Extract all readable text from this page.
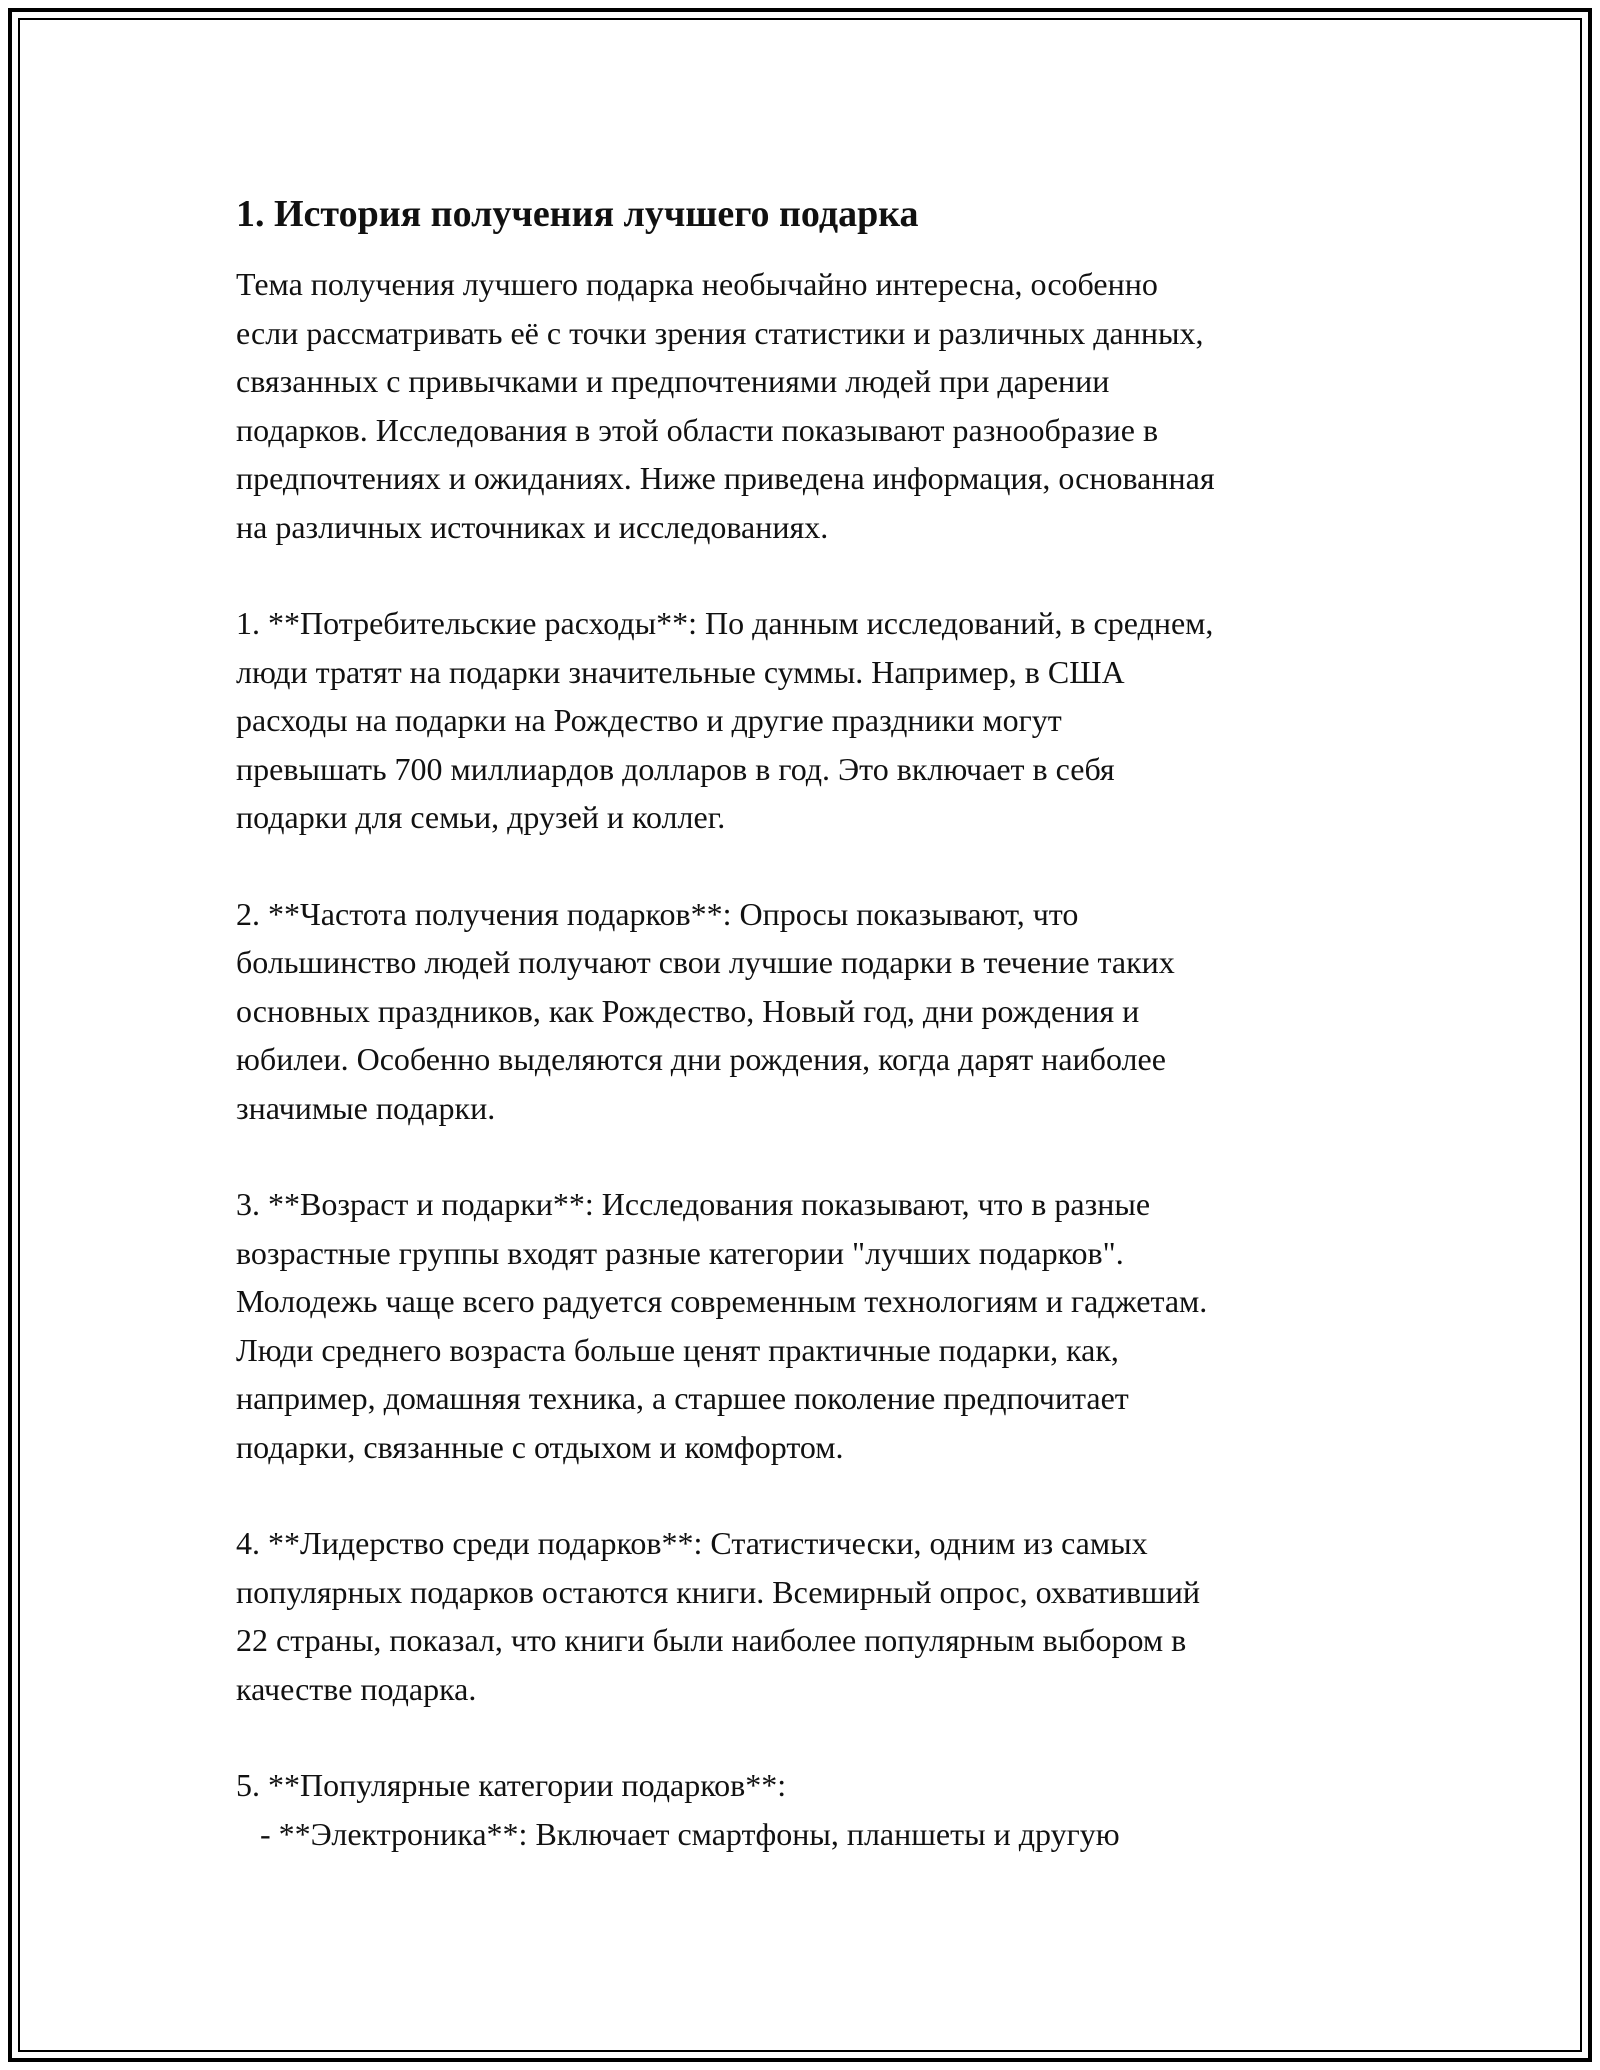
1. История получения лучшего подарка
Тема получения лучшего подарка необычайно интересна, особенно
если рассматривать её с точки зрения статистики и различных данных,
связанных с привычками и предпочтениями людей при дарении
подарков. Исследования в этой области показывают разнообразие в
предпочтениях и ожиданиях. Ниже приведена информация, основанная
на различных источниках и исследованиях.
1. **Потребительские расходы**: По данным исследований, в среднем,
люди тратят на подарки значительные суммы. Например, в США
расходы на подарки на Рождество и другие праздники могут
превышать 700 миллиардов долларов в год. Это включает в себя
подарки для семьи, друзей и коллег.
2. **Частота получения подарков**: Опросы показывают, что
большинство людей получают свои лучшие подарки в течение таких
основных праздников, как Рождество, Новый год, дни рождения и
юбилеи. Особенно выделяются дни рождения, когда дарят наиболее
значимые подарки.
3. **Возраст и подарки**: Исследования показывают, что в разные
возрастные группы входят разные категории "лучших подарков".
Молодежь чаще всего радуется современным технологиям и гаджетам.
Люди среднего возраста больше ценят практичные подарки, как,
например, домашняя техника, а старшее поколение предпочитает
подарки, связанные с отдыхом и комфортом.
4. **Лидерство среди подарков**: Статистически, одним из самых
популярных подарков остаются книги. Всемирный опрос, охвативший
22 страны, показал, что книги были наиболее популярным выбором в
качестве подарка.
5. **Популярные категории подарков**:
- **Электроника**: Включает смартфоны, планшеты и другую
